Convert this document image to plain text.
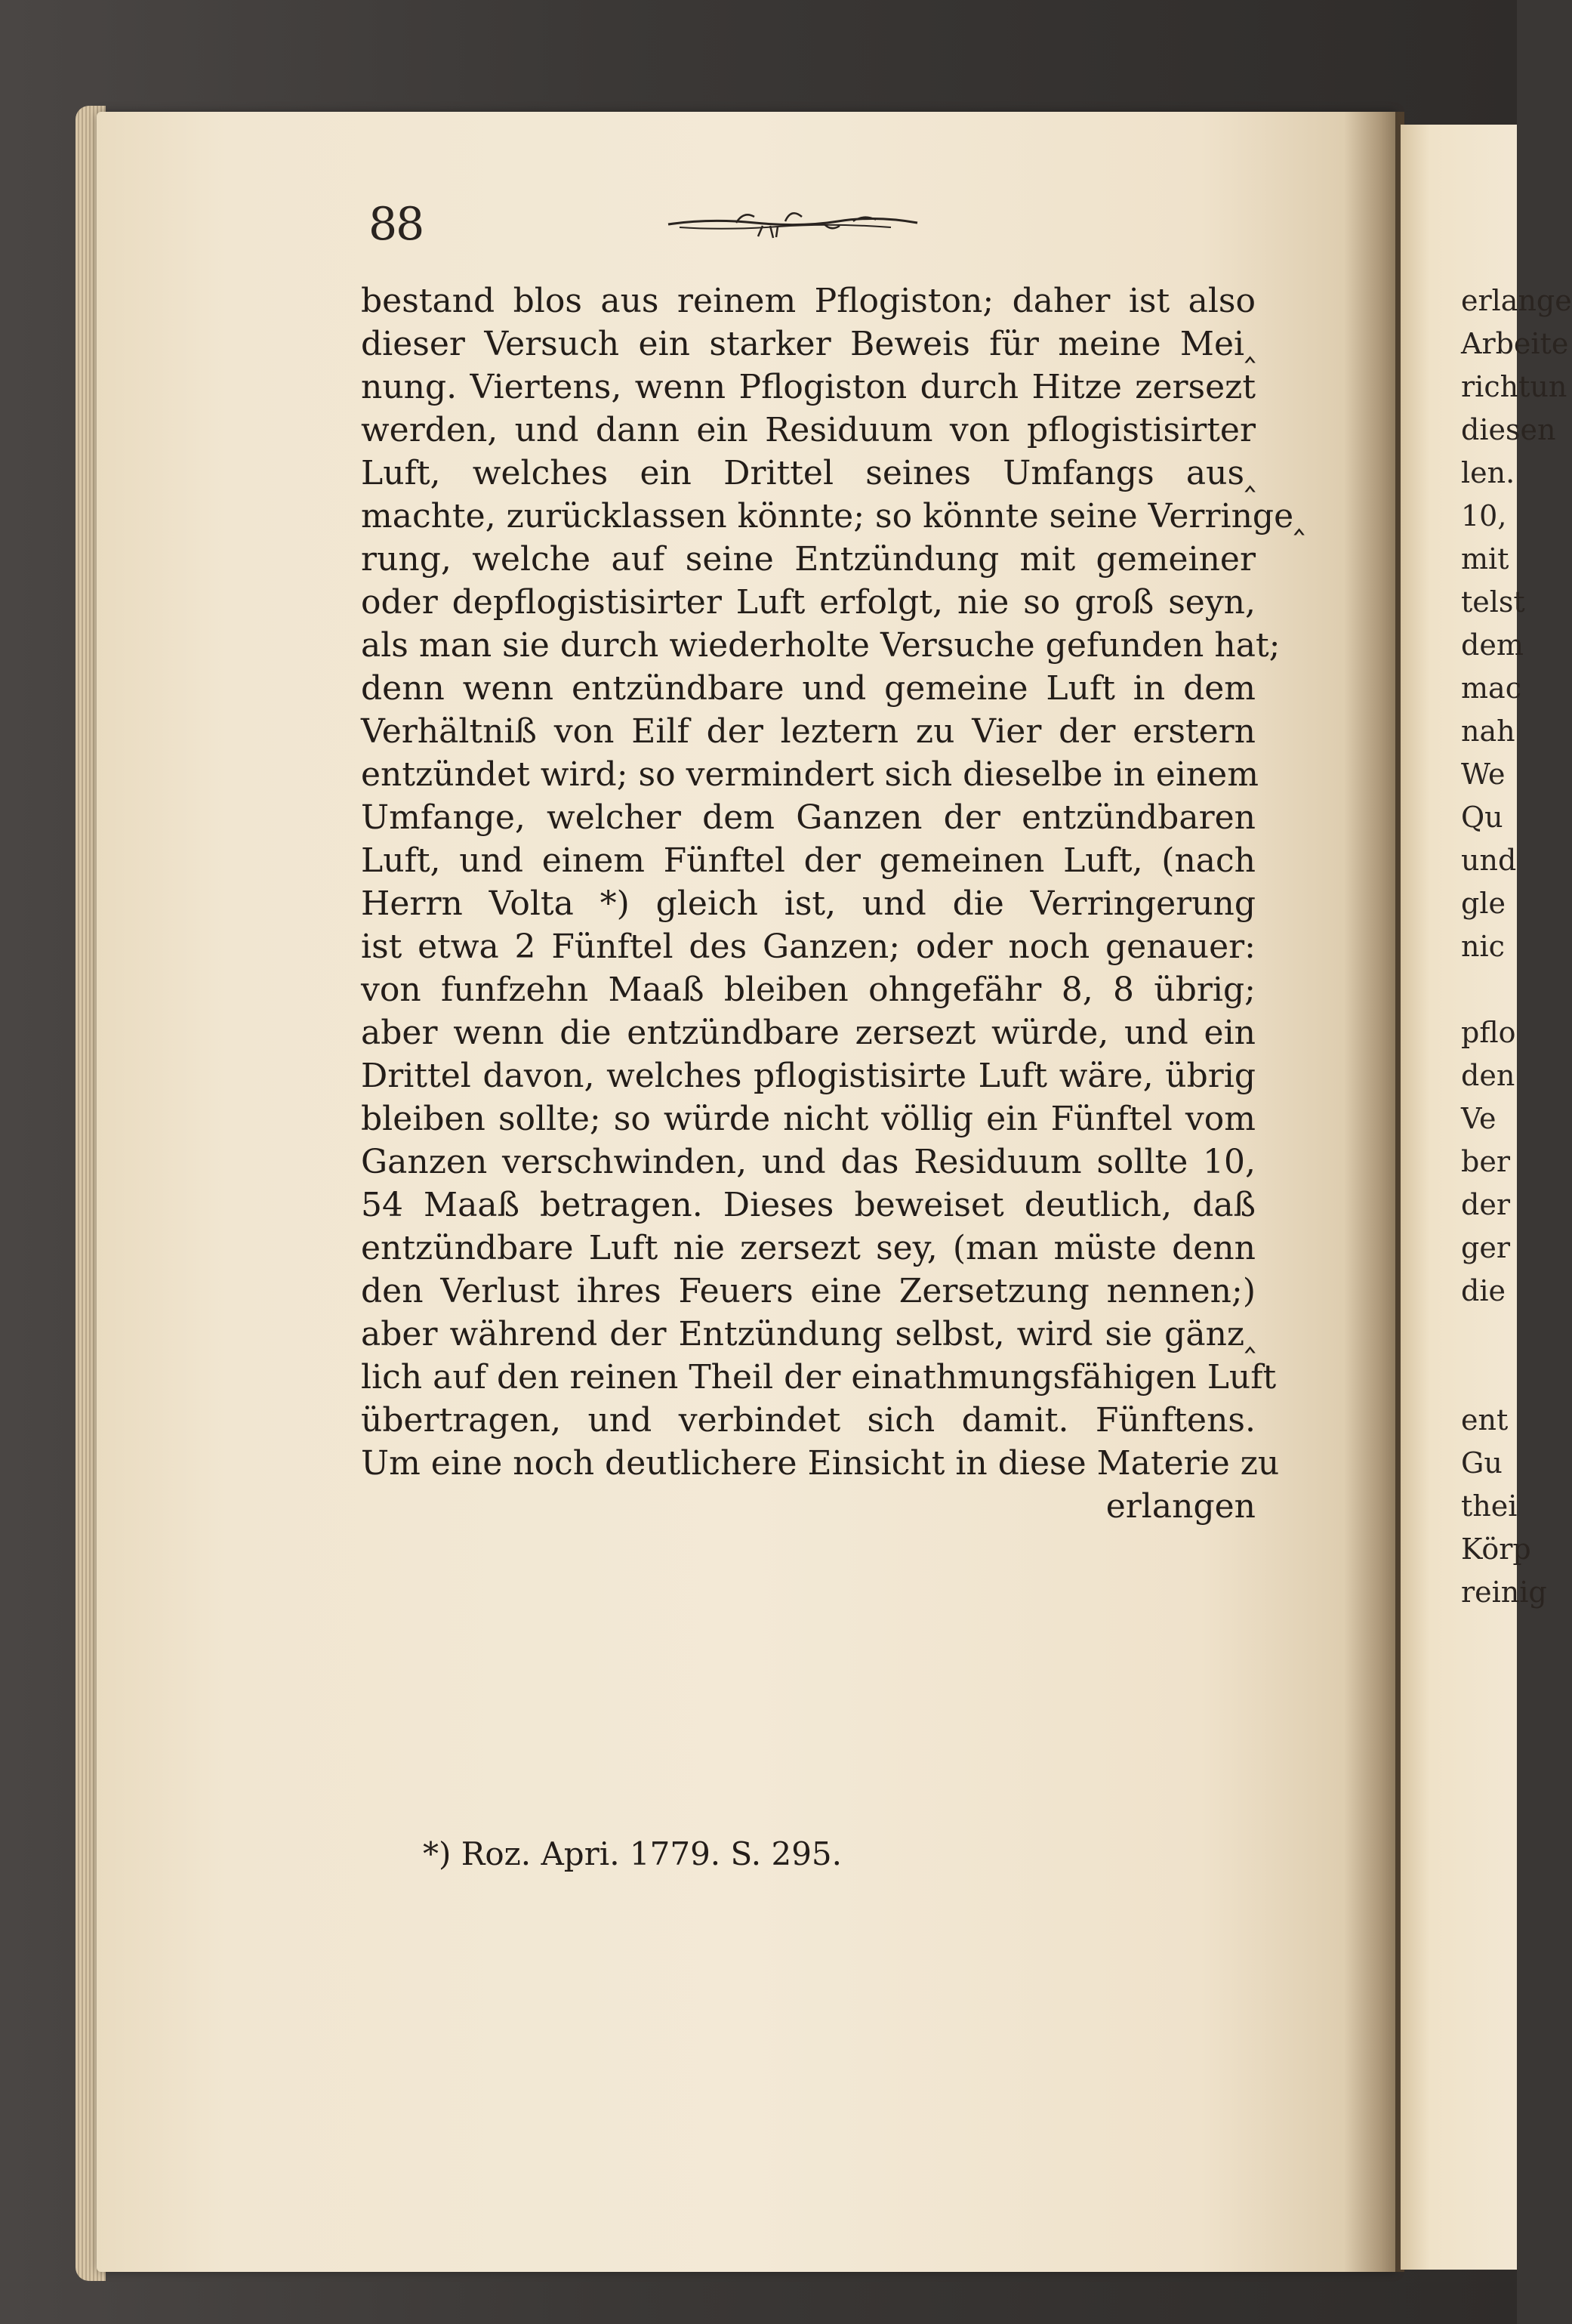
88
bestand blos aus reinem Pflogiston; daher ist also
dieser Versuch ein starker Beweis für meine Mei‸
nung. Viertens, wenn Pflogiston durch Hitze zersezt
werden, und dann ein Residuum von pflogistisirter
Luft, welches ein Drittel seines Umfangs aus‸
machte, zurücklassen könnte; so könnte seine Verringe‸
rung, welche auf seine Entzündung mit gemeiner
oder depflogistisirter Luft erfolgt, nie so groß seyn,
als man sie durch wiederholte Versuche gefunden hat;
denn wenn entzündbare und gemeine Luft in dem
Verhältniß von Eilf der leztern zu Vier der erstern
entzündet wird; so vermindert sich dieselbe in einem
Umfange, welcher dem Ganzen der entzündbaren
Luft, und einem Fünftel der gemeinen Luft, (nach
Herrn Volta *) gleich ist, und die Verringerung
ist etwa 2 Fünftel des Ganzen; oder noch genauer:
von funfzehn Maaß bleiben ohngefähr 8, 8 übrig;
aber wenn die entzündbare zersezt würde, und ein
Drittel davon, welches pflogistisirte Luft wäre, übrig
bleiben sollte; so würde nicht völlig ein Fünftel vom
Ganzen verschwinden, und das Residuum sollte 10,
54 Maaß betragen. Dieses beweiset deutlich, daß
entzündbare Luft nie zersezt sey, (man müste denn
den Verlust ihres Feuers eine Zersetzung nennen;)
aber während der Entzündung selbst, wird sie gänz‸
lich auf den reinen Theil der einathmungsfähigen Luft
übertragen, und verbindet sich damit. Fünftens.
Um eine noch deutlichere Einsicht in diese Materie zu
erlangen
*) Roz. Apri. 1779. S. 295.
erlange
Arbeite
richtun
diesen
len.
10,
mit
telst
dem
mac
nah
We
Qu
und
gle
nic
pflo
den
Ve
ber
der
ger
die
ent
Gu
thei
Körp
reinig
